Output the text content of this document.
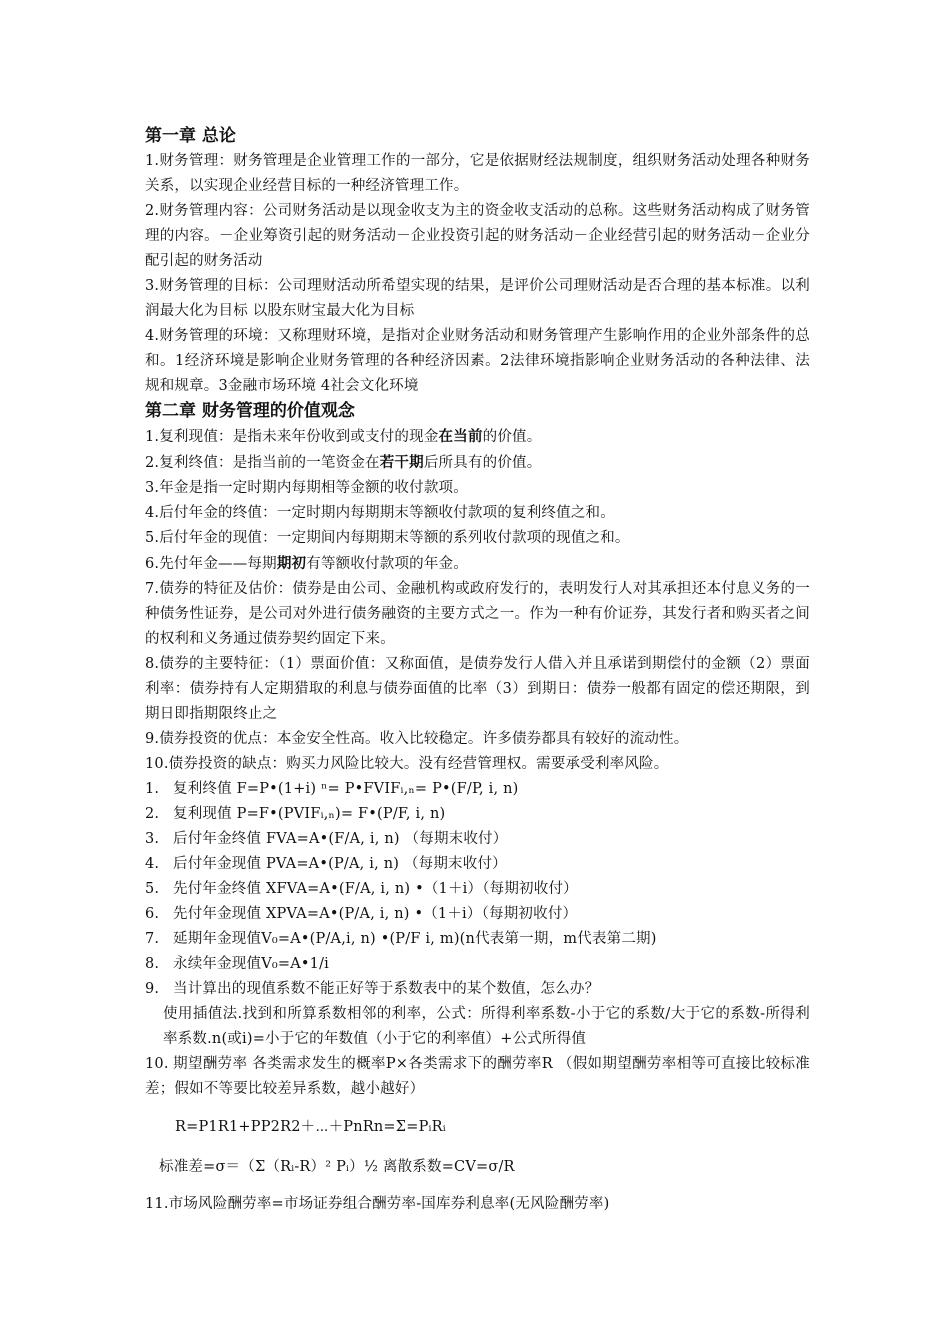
第一章 总论
1.财务管理：财务管理是企业管理工作的一部分，它是依据财经法规制度，组织财务活动处理各种财务关系，以实现企业经营目标的一种经济管理工作。
2.财务管理内容：公司财务活动是以现金收支为主的资金收支活动的总称。这些财务活动构成了财务管理的内容。－企业筹资引起的财务活动－企业投资引起的财务活动－企业经营引起的财务活动－企业分配引起的财务活动
3.财务管理的目标：公司理财活动所希望实现的结果，是评价公司理财活动是否合理的基本标准。以利润最大化为目标 以股东财宝最大化为目标
4.财务管理的环境：又称理财环境，是指对企业财务活动和财务管理产生影响作用的企业外部条件的总和。1经济环境是影响企业财务管理的各种经济因素。2法律环境指影响企业财务活动的各种法律、法规和规章。3金融市场环境 4社会文化环境
第二章 财务管理的价值观念
1.复利现值：是指未来年份收到或支付的现金在当前的价值。
2.复利终值：是指当前的一笔资金在若干期后所具有的价值。
3.年金是指一定时期内每期相等金额的收付款项。
4.后付年金的终值：一定时期内每期期末等额收付款项的复利终值之和。
5.后付年金的现值：一定期间内每期期末等额的系列收付款项的现值之和。
6.先付年金——每期期初有等额收付款项的年金。
7.债券的特征及估价：债券是由公司、金融机构或政府发行的，表明发行人对其承担还本付息义务的一种债务性证券，是公司对外进行债务融资的主要方式之一。作为一种有价证券，其发行者和购买者之间的权利和义务通过债券契约固定下来。
8.债券的主要特征：（1）票面价值：又称面值，是债券发行人借入并且承诺到期偿付的金额（2）票面利率：债券持有人定期猎取的利息与债券面值的比率（3）到期日：债券一般都有固定的偿还期限，到期日即指期限终止之
9.债券投资的优点：本金安全性高。收入比较稳定。许多债券都具有较好的流动性。
10.债券投资的缺点：购买力风险比较大。没有经营管理权。需要承受利率风险。
1. 复利终值 F=P•(1+i) ⁿ= P•FVIFᵢ,ₙ= P•(F/P, i, n)
2. 复利现值 P=F•(PVIFᵢ,ₙ)= F•(P/F, i, n)
3. 后付年金终值 FVA=A•(F/A, i, n) （每期末收付）
4. 后付年金现值 PVA=A•(P/A, i, n) （每期末收付）
5. 先付年金终值 XFVA=A•(F/A, i, n) •（1＋i）（每期初收付）
6. 先付年金现值 XPVA=A•(P/A, i, n) •（1＋i）（每期初收付）
7. 延期年金现值V₀=A•(P/A,i, n) •(P/F i, m)(n代表第一期，m代表第二期)
8. 永续年金现值V₀=A•1/i
9. 当计算出的现值系数不能正好等于系数表中的某个数值，怎么办？
使用插值法.找到和所算系数相邻的利率，公式：所得利率系数-小于它的系数/大于它的系数-所得利率系数.n(或i)=小于它的年数值（小于它的利率值）+公式所得值
10. 期望酬劳率 各类需求发生的概率P×各类需求下的酬劳率R （假如期望酬劳率相等可直接比较标准差；假如不等要比较差异系数，越小越好）
R=P1R1+PP2R2＋⋯＋PnRn=Σ=PᵢRᵢ
标准差=σ＝（Σ（Rᵢ-R）² Pᵢ）½ 离散系数=CV=σ/R
11.市场风险酬劳率=市场证券组合酬劳率-国库券利息率(无风险酬劳率)
